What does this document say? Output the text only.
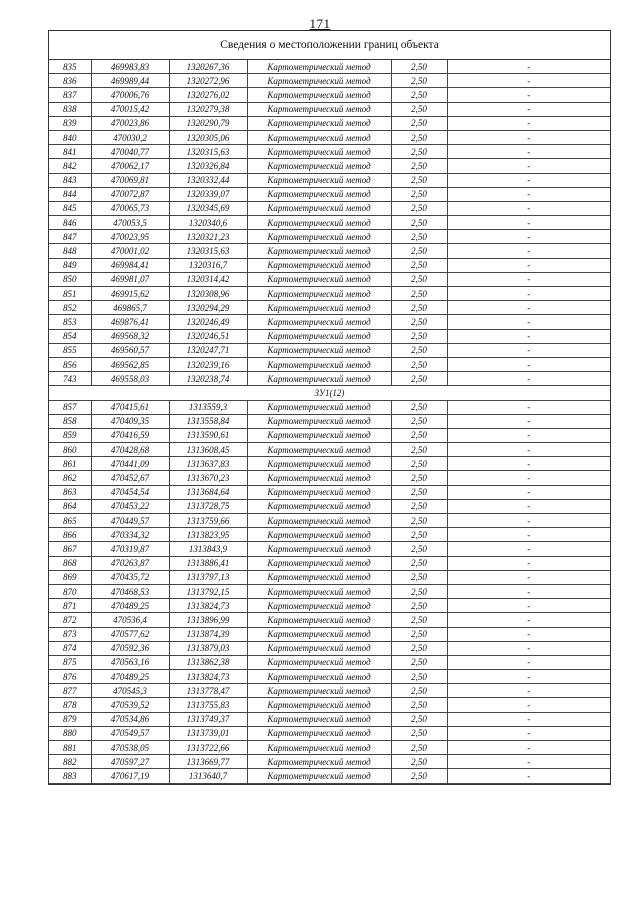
171
Сведения о местоположении границ объекта
835	469983,83	1320267,36	Картометрический метод	2,50	-
836	469989,44	1320272,96	Картометрический метод	2,50	-
837	470006,76	1320276,02	Картометрический метод	2,50	-
838	470015,42	1320279,38	Картометрический метод	2,50	-
839	470023,86	1320290,79	Картометрический метод	2,50	-
840	470030,2	1320305,06	Картометрический метод	2,50	-
841	470040,77	1320315,63	Картометрический метод	2,50	-
842	470062,17	1320326,84	Картометрический метод	2,50	-
843	470069,81	1320332,44	Картометрический метод	2,50	-
844	470072,87	1320339,07	Картометрический метод	2,50	-
845	470065,73	1320345,69	Картометрический метод	2,50	-
846	470053,5	1320340,6	Картометрический метод	2,50	-
847	470023,95	1320321,23	Картометрический метод	2,50	-
848	470001,02	1320315,63	Картометрический метод	2,50	-
849	469984,41	1320316,7	Картометрический метод	2,50	-
850	469981,07	1320314,42	Картометрический метод	2,50	-
851	469915,62	1320308,96	Картометрический метод	2,50	-
852	469865,7	1320294,29	Картометрический метод	2,50	-
853	469876,41	1320246,49	Картометрический метод	2,50	-
854	469568,32	1320246,51	Картометрический метод	2,50	-
855	469560,57	1320247,71	Картометрический метод	2,50	-
856	469562,85	1320239,16	Картометрический метод	2,50	-
743	469558,03	1320238,74	Картометрический метод	2,50	-
ЗУ1(12)					
857	470415,61	1313559,3	Картометрический метод	2,50	-
858	470409,35	1313558,84	Картометрический метод	2,50	-
859	470416,59	1313590,61	Картометрический метод	2,50	-
860	470428,68	1313608,45	Картометрический метод	2,50	-
861	470441,09	1313637,83	Картометрический метод	2,50	-
862	470452,67	1313670,23	Картометрический метод	2,50	-
863	470454,54	1313684,64	Картометрический метод	2,50	-
864	470453,22	1313728,75	Картометрический метод	2,50	-
865	470449,57	1313759,66	Картометрический метод	2,50	-
866	470334,32	1313823,95	Картометрический метод	2,50	-
867	470319,87	1313843,9	Картометрический метод	2,50	-
868	470263,87	1313886,41	Картометрический метод	2,50	-
869	470435,72	1313797,13	Картометрический метод	2,50	-
870	470468,53	1313792,15	Картометрический метод	2,50	-
871	470489,25	1313824,73	Картометрический метод	2,50	-
872	470536,4	1313896,99	Картометрический метод	2,50	-
873	470577,62	1313874,39	Картометрический метод	2,50	-
874	470592,36	1313879,03	Картометрический метод	2,50	-
875	470563,16	1313862,38	Картометрический метод	2,50	-
876	470489,25	1313824,73	Картометрический метод	2,50	-
877	470545,3	1313778,47	Картометрический метод	2,50	-
878	470539,52	1313755,83	Картометрический метод	2,50	-
879	470534,86	1313749,37	Картометрический метод	2,50	-
880	470549,57	1313739,01	Картометрический метод	2,50	-
881	470538,05	1313722,66	Картометрический метод	2,50	-
882	470597,27	1313669,77	Картометрический метод	2,50	-
883	470617,19	1313640,7	Картометрический метод	2,50	-
